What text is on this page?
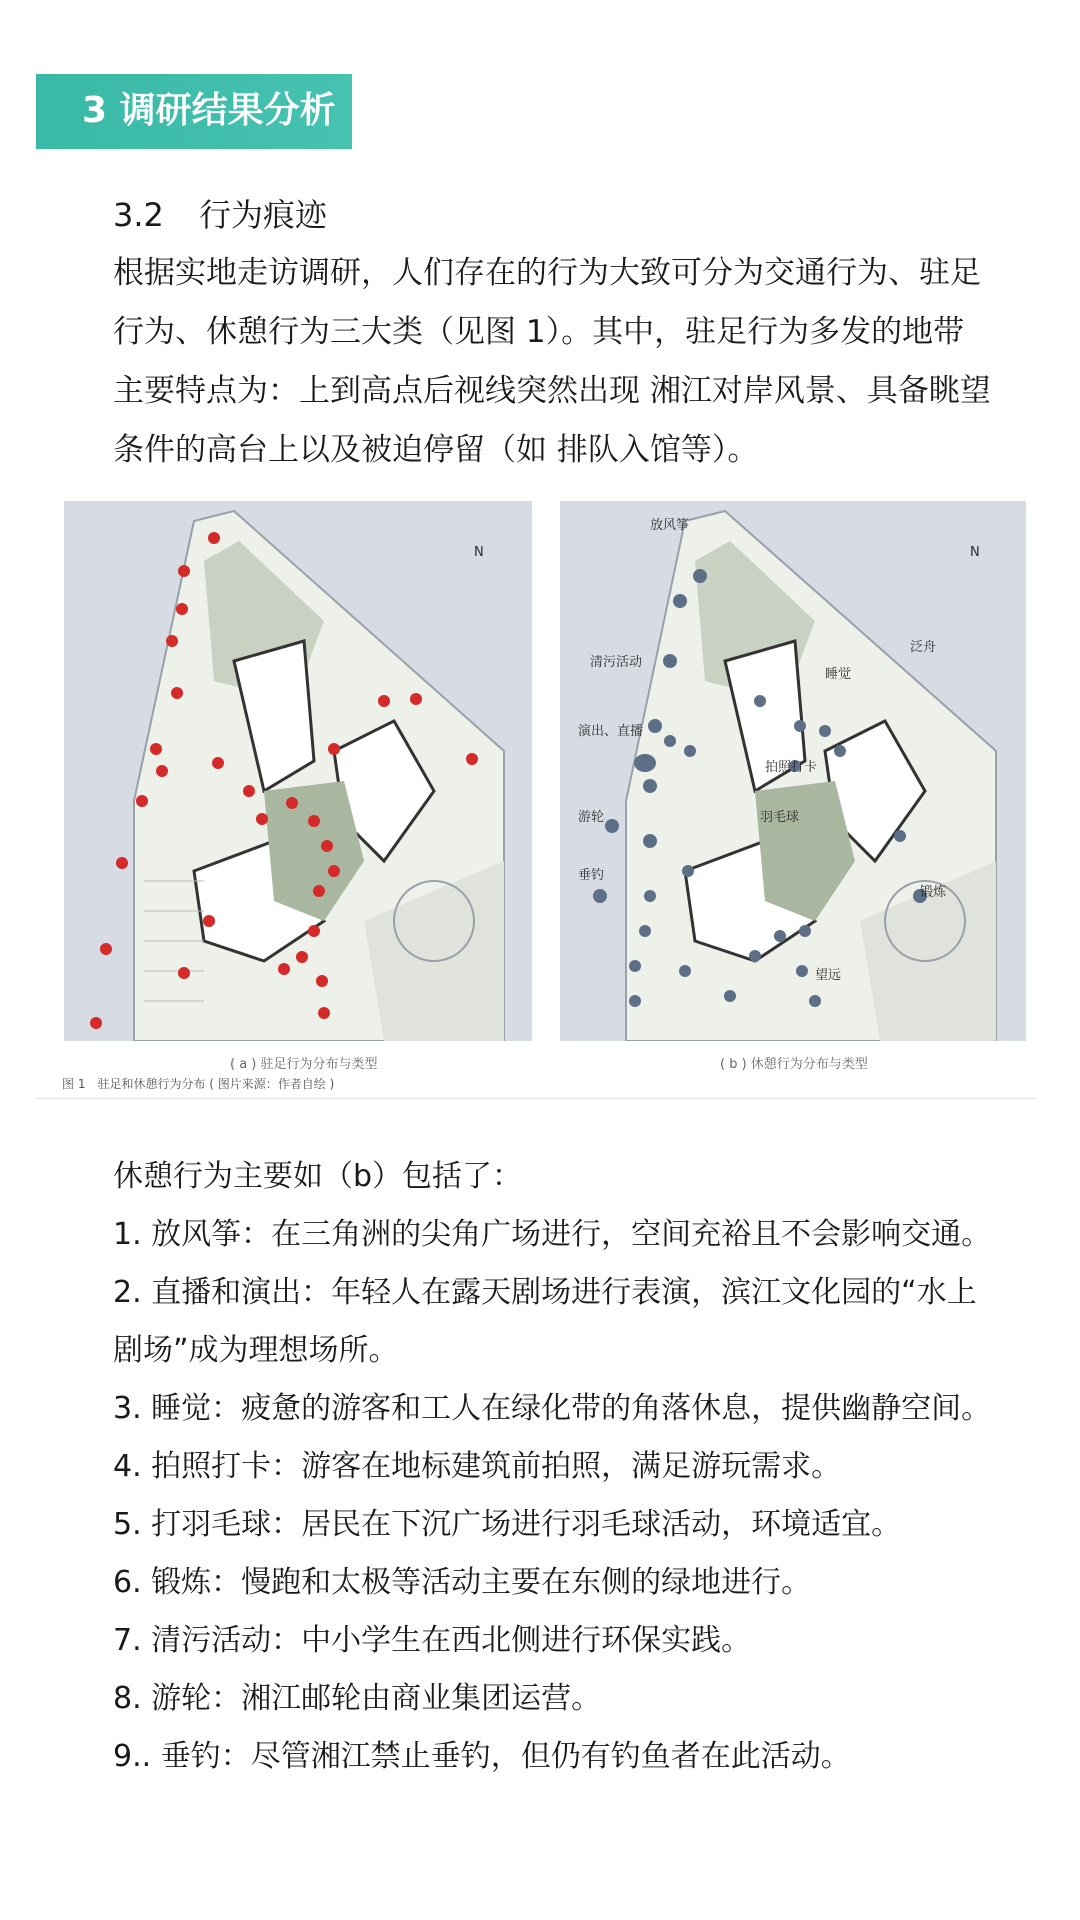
3 调研结果分析
3.2 行为痕迹
根据实地走访调研，人们存在的行为大致可分为交通行为、驻足行为、休憩行为三大类（见图 1）。其中，驻足行为多发的地带主要特点为：上到高点后视线突然出现 湘江对岸风景、具备眺望条件的高台上以及被迫停留（如 排队入馆等）。
N	N
放风筝
泛舟
清污活动
睡觉
演出、直播
拍照打卡
游轮	羽毛球
垂钓
锻炼
望远
( a ) 驻足行为分布与类型	( b ) 休憩行为分布与类型
图 1　驻足和休憩行为分布 ( 图片来源：作者自绘 )

休憩行为主要如（b）包括了：

1. 放风筝：在三角洲的尖角广场进行，空间充裕且不会影响交通。

2. 直播和演出：年轻人在露天剧场进行表演，滨江文化园的“水上剧场”成为理想场所。

3. 睡觉：疲惫的游客和工人在绿化带的角落休息，提供幽静空间。

4. 拍照打卡：游客在地标建筑前拍照，满足游玩需求。

5. 打羽毛球：居民在下沉广场进行羽毛球活动，环境适宜。

6. 锻炼：慢跑和太极等活动主要在东侧的绿地进行。

7. 清污活动：中小学生在西北侧进行环保实践。

8. 游轮：湘江邮轮由商业集团运营。

9.. 垂钓：尽管湘江禁止垂钓，但仍有钓鱼者在此活动。
